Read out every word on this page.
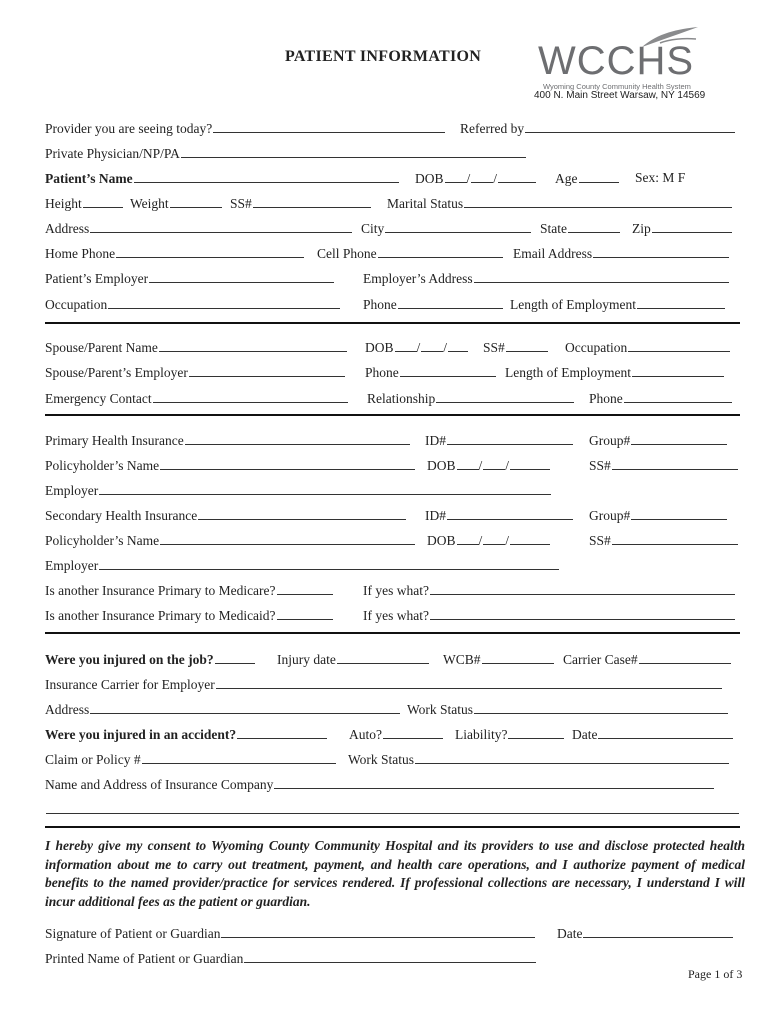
PATIENT INFORMATION WCCHS
Wyoming County Community Health System
400 N. Main Street Warsaw, NY 14569
Provider you are seeing today?	Referred by
Private Physician/NP/PA
Patient’s Name	DOB / /	Age	Sex: M F
Height	Weight	SS#	Marital Status
Address	City	State	Zip
Home Phone	Cell Phone	Email Address
Patient’s Employer	Employer’s Address
Occupation	Phone	Length of Employment
Spouse/Parent Name	DOB / /	SS#	Occupation
Spouse/Parent’s Employer	Phone	Length of Employment
Emergency Contact	Relationship	Phone
Primary Health Insurance	ID#	Group#
Policyholder’s Name	DOB / /	SS#
Employer
Secondary Health Insurance	ID#	Group#
Policyholder’s Name	DOB / /	SS#
Employer
Is another Insurance Primary to Medicare?	If yes what?
Is another Insurance Primary to Medicaid?	If yes what?
Were you injured on the job?	Injury date	WCB#	Carrier Case#
Insurance Carrier for Employer
Address	Work Status
Were you injured in an accident?	Auto?	Liability?	Date
Claim or Policy #	Work Status
Name and Address of Insurance Company
I hereby give my consent to Wyoming County Community Hospital and its providers to use and disclose protected health information about me to carry out treatment, payment, and health care operations, and I authorize payment of medical benefits to the named provider/practice for services rendered. If professional collections are necessary, I understand I will incur additional fees as the patient or guardian.
Signature of Patient or Guardian	Date
Printed Name of Patient or Guardian
Page 1 of 3
